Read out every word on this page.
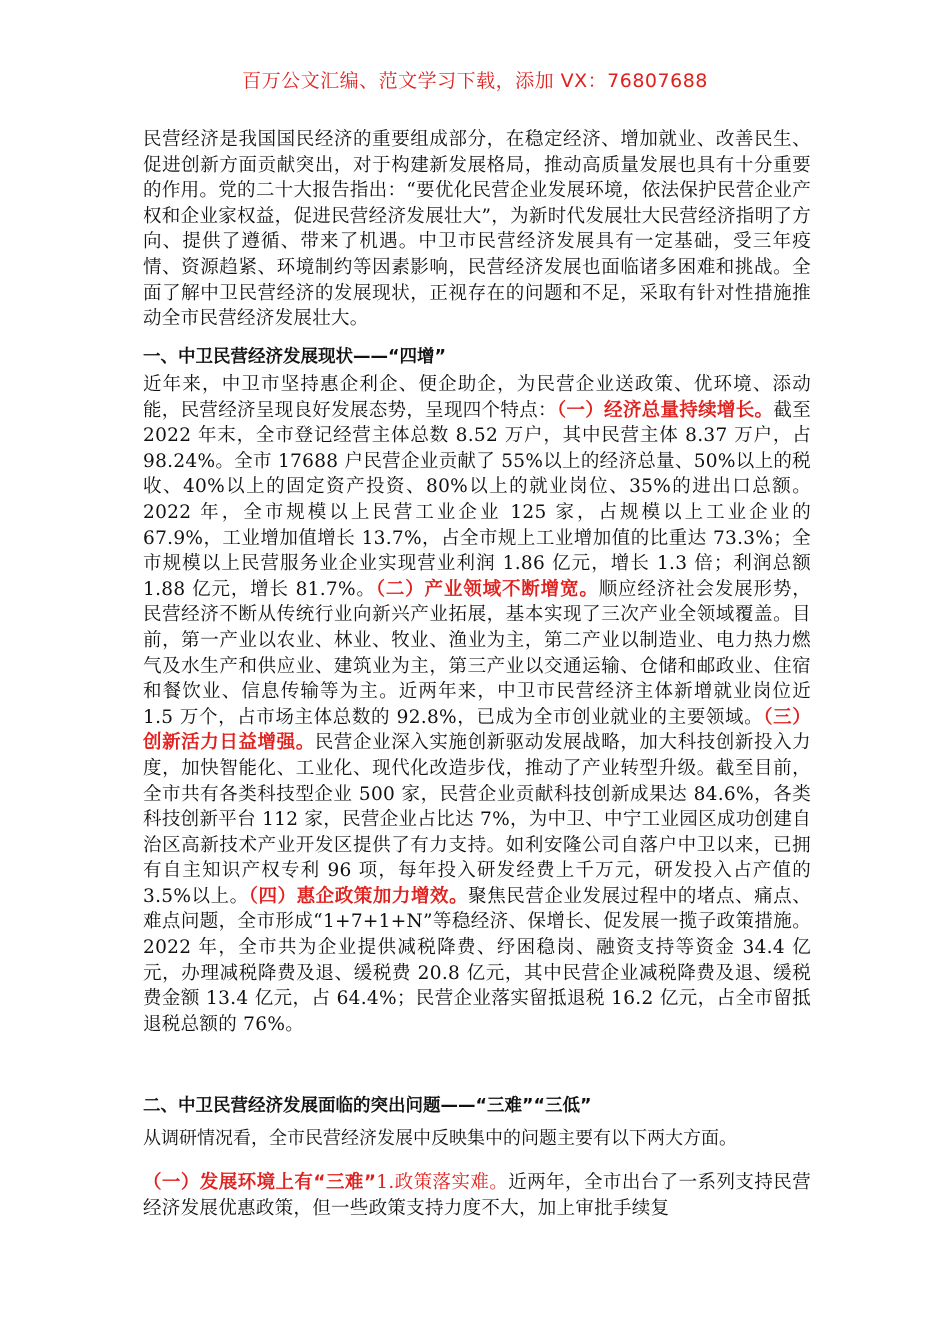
百万公文汇编、范文学习下载，添加 VX：76807688

民营经济是我国国民经济的重要组成部分，在稳定经济、增加就业、改善民生、促进创新方面贡献突出，对于构建新发展格局，推动高质量发展也具有十分重要的作用。党的二十大报告指出：“要优化民营企业发展环境，依法保护民营企业产权和企业家权益，促进民营经济发展壮大”，为新时代发展壮大民营经济指明了方向、提供了遵循、带来了机遇。中卫市民营经济发展具有一定基础，受三年疫情、资源趋紧、环境制约等因素影响，民营经济发展也面临诸多困难和挑战。全面了解中卫民营经济的发展现状，正视存在的问题和不足，采取有针对性措施推动全市民营经济发展壮大。

一、中卫民营经济发展现状——“四增”

近年来，中卫市坚持惠企利企、便企助企，为民营企业送政策、优环境、添动能，民营经济呈现良好发展态势，呈现四个特点：（一）经济总量持续增长。截至 2022 年末，全市登记经营主体总数 8.52 万户，其中民营主体 8.37 万户，占 98.24%。全市 17688 户民营企业贡献了 55%以上的经济总量、50%以上的税收、40%以上的固定资产投资、80%以上的就业岗位、35%的进出口总额。2022 年，全市规模以上民营工业企业 125 家，占规模以上工业企业的 67.9%，工业增加值增长 13.7%，占全市规上工业增加值的比重达 73.3%；全市规模以上民营服务业企业实现营业利润 1.86 亿元，增长 1.3 倍；利润总额 1.88 亿元，增长 81.7%。（二）产业领域不断增宽。顺应经济社会发展形势，民营经济不断从传统行业向新兴产业拓展，基本实现了三次产业全领域覆盖。目前，第一产业以农业、林业、牧业、渔业为主，第二产业以制造业、电力热力燃气及水生产和供应业、建筑业为主，第三产业以交通运输、仓储和邮政业、住宿和餐饮业、信息传输等为主。近两年来，中卫市民营经济主体新增就业岗位近 1.5 万个，占市场主体总数的 92.8%，已成为全市创业就业的主要领域。（三）创新活力日益增强。民营企业深入实施创新驱动发展战略，加大科技创新投入力度，加快智能化、工业化、现代化改造步伐，推动了产业转型升级。截至目前，全市共有各类科技型企业 500 家，民营企业贡献科技创新成果达 84.6%，各类科技创新平台 112 家，民营企业占比达 7%，为中卫、中宁工业园区成功创建自治区高新技术产业开发区提供了有力支持。如利安隆公司自落户中卫以来，已拥有自主知识产权专利 96 项，每年投入研发经费上千万元，研发投入占产值的 3.5%以上。（四）惠企政策加力增效。聚焦民营企业发展过程中的堵点、痛点、难点问题，全市形成“1+7+1+N”等稳经济、保增长、促发展一揽子政策措施。2022 年，全市共为企业提供减税降费、纾困稳岗、融资支持等资金 34.4 亿元，办理减税降费及退、缓税费 20.8 亿元，其中民营企业减税降费及退、缓税费金额 13.4 亿元，占 64.4%；民营企业落实留抵退税 16.2 亿元，占全市留抵退税总额的 76%。

二、中卫民营经济发展面临的突出问题——“三难”“三低”
从调研情况看，全市民营经济发展中反映集中的问题主要有以下两大方面。

（一）发展环境上有“三难”1.政策落实难。近两年，全市出台了一系列支持民营经济发展优惠政策，但一些政策支持力度不大，加上审批手续复
